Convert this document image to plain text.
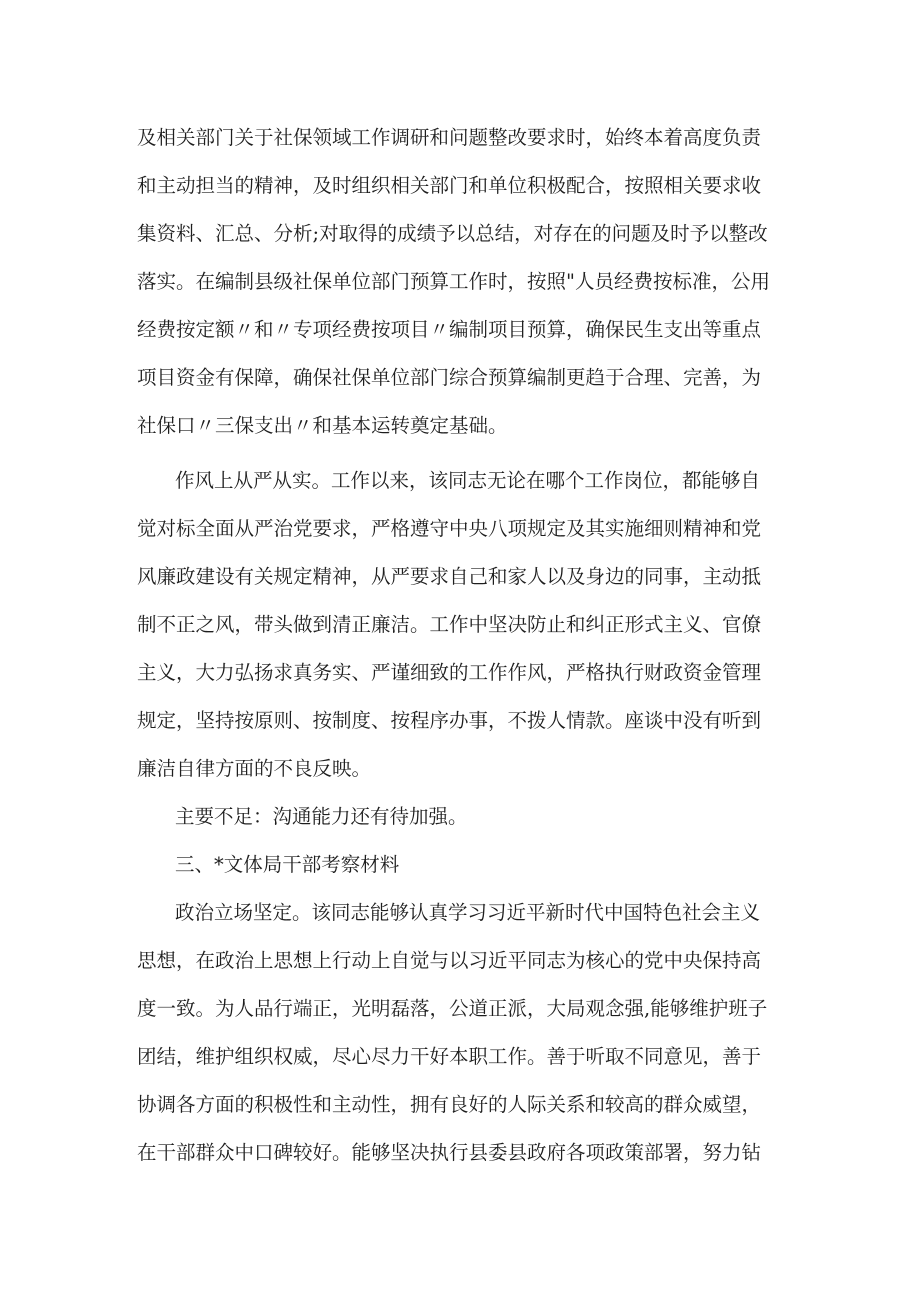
及相关部门关于社保领域工作调研和问题整改要求时，始终本着高度负责
和主动担当的精神，及时组织相关部门和单位积极配合，按照相关要求收
集资料、汇总、分析;对取得的成绩予以总结，对存在的问题及时予以整改
落实。在编制县级社保单位部门预算工作时，按照"人员经费按标准，公用
经费按定额〃和〃专项经费按项目〃编制项目预算，确保民生支出等重点
项目资金有保障，确保社保单位部门综合预算编制更趋于合理、完善，为
社保口〃三保支出〃和基本运转奠定基础。
作风上从严从实。工作以来，该同志无论在哪个工作岗位，都能够自
觉对标全面从严治党要求，严格遵守中央八项规定及其实施细则精神和党
风廉政建设有关规定精神，从严要求自己和家人以及身边的同事，主动抵
制不正之风，带头做到清正廉洁。工作中坚决防止和纠正形式主义、官僚
主义，大力弘扬求真务实、严谨细致的工作作风，严格执行财政资金管理
规定，坚持按原则、按制度、按程序办事，不拨人情款。座谈中没有听到
廉洁自律方面的不良反映。
主要不足：沟通能力还有待加强。
三、*文体局干部考察材料
政治立场坚定。该同志能够认真学习习近平新时代中国特色社会主义
思想，在政治上思想上行动上自觉与以习近平同志为核心的党中央保持高
度一致。为人品行端正，光明磊落，公道正派，大局观念强,能够维护班子
团结，维护组织权威，尽心尽力干好本职工作。善于听取不同意见，善于
协调各方面的积极性和主动性，拥有良好的人际关系和较高的群众威望，
在干部群众中口碑较好。能够坚决执行县委县政府各项政策部署，努力钻
